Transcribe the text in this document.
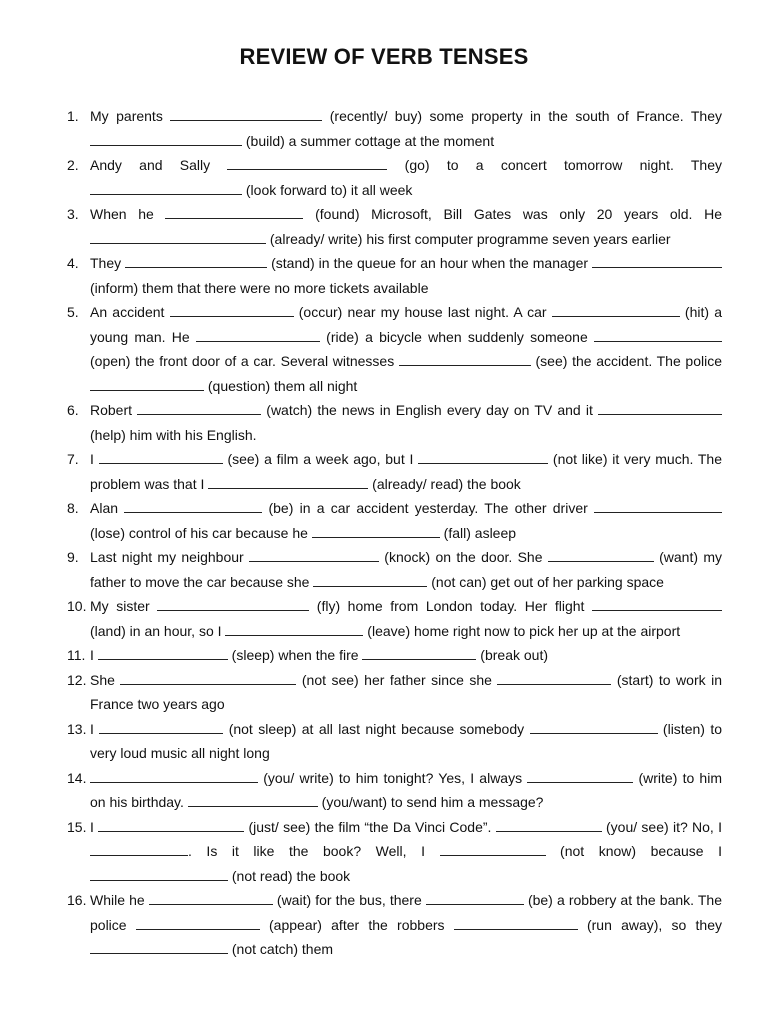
REVIEW OF VERB TENSES
1. My parents	(recently/ buy) some property in the south of France. They  (build) a summer cottage at the moment
2. Andy and Sally	(go) to a concert tomorrow night. They  (look forward to) it all week
3. When he	(found) Microsoft, Bill Gates was only 20 years old. He  (already/ write) his first computer programme seven years earlier
4. They	(stand) in the queue for an hour when the manager  (inform) them that there were no more tickets available
5. An accident	(occur) near my house last night. A car	(hit) a young man. He	(ride) a bicycle when suddenly someone  (open) the front door of a car. Several witnesses	(see) the accident. The police  (question) them all night
6. Robert	(watch) the news in English every day on TV and it  (help) him with his English.
7. I	(see) a film a week ago, but I	(not like) it very much. The problem was that I	(already/ read) the book
8. Alan	(be) in a car accident yesterday. The other driver  (lose) control of his car because he	(fall) asleep
9. Last night my neighbour	(knock) on the door. She	(want) my father to move the car because she	(not can) get out of her parking space
10. My sister	(fly) home from London today. Her flight  (land) in an hour, so I	(leave) home right now to pick her up at the airport
11. I	(sleep) when the fire	(break out)
12. She	(not see) her father since she	(start) to work in France two years ago
13. I	(not sleep) at all last night because somebody	(listen) to very loud music all night long
14.	(you/ write) to him tonight? Yes, I always	(write) to him on his birthday.	(you/want) to send him a message?
15. I	(just/ see) the film “the Da Vinci Code”.	(you/ see) it? No, I . Is it like the book? Well, I	(not know) because I  (not read) the book
16. While he	(wait) for the bus, there	(be) a robbery at the bank. The police	(appear) after the robbers	(run away), so they  (not catch) them
